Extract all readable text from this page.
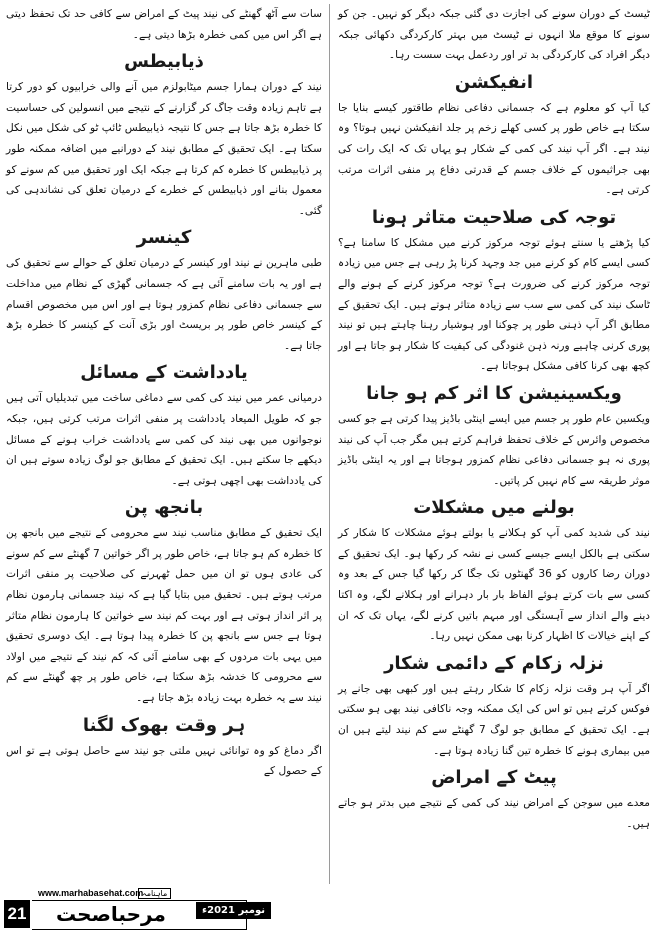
ٹیسٹ کے دوران سونے کی اجازت دی گئی جبکہ دیگر کو نہیں۔ جن کو سونے کا موقع ملا انہوں نے ٹیسٹ میں بہتر کارکردگی دکھائی جبکہ دیگر افراد کی کارکردگی بد تر اور ردعمل بہت سست رہا۔

انفیکشن

کیا آپ کو معلوم ہے کہ جسمانی دفاعی نظام طاقتور کیسے بنایا جا سکتا ہے خاص طور پر کسی کھلے زخم پر جلد انفیکشن نہیں ہوتا؟ وہ نیند ہے۔ اگر آپ نیند کی کمی کے شکار ہو یہاں تک کہ ایک رات کی بھی جراثیموں کے خلاف جسم کے قدرتی دفاع پر منفی اثرات مرتب کرتی ہے۔

توجہ کی صلاحیت متاثر ہونا

کیا پڑھتے یا سنتے ہوئے توجہ مرکوز کرنے میں مشکل کا سامنا ہے؟ کسی ایسے کام کو کرنے میں جد وجہد کرنا پڑ رہی ہے جس میں زیادہ توجہ مرکوز کرنے کی ضرورت ہے؟ توجہ مرکوز کرنے کے ہونے والے ٹاسک نیند کی کمی سے سب سے زیادہ متاثر ہوتے ہیں۔ ایک تحقیق کے مطابق اگر آپ ذہنی طور پر چوکنا اور ہوشیار رہنا چاہتے ہیں تو نیند پوری کرنی چاہیے ورنہ ذہن غنودگی کی کیفیت کا شکار ہو جاتا ہے اور کچھ بھی کرنا کافی مشکل ہوجاتا ہے۔

ویکسینیشن کا اثر کم ہو جانا

ویکسین عام طور پر جسم میں ایسے اینٹی باڈیز پیدا کرتی ہے جو کسی مخصوص وائرس کے خلاف تحفظ فراہم کرتے ہیں مگر جب آپ کی نیند پوری نہ ہو جسمانی دفاعی نظام کمزور ہوجاتا ہے اور یہ اینٹی باڈیز موثر طریقہ سے کام نہیں کر پاتیں۔

بولنے میں مشکلات

نیند کی شدید کمی آپ کو ہکلانے یا بولتے ہوئے مشکلات کا شکار کر سکتی ہے بالکل ایسے جیسے کسی نے نشہ کر رکھا ہو۔ ایک تحقیق کے دوران رضا کاروں کو 36 گھنٹوں تک جگا کر رکھا گیا جس کے بعد وہ کسی سے بات کرتے ہوئے الفاظ بار بار دہرانے اور ہکلانے لگے، وہ اکتا دینے والے انداز سے آہستگی اور مبہم باتیں کرنے لگے، یہاں تک کہ ان کے اپنے خیالات کا اظہار کرنا بھی ممکن نہیں رہا۔

نزلہ زکام کے دائمی شکار

اگر آپ ہر وقت نزلہ زکام کا شکار رہتے ہیں اور کبھی بھی جانے پر فوکس کرتے ہیں تو اس کی ایک ممکنہ وجہ ناکافی نیند بھی ہو سکتی ہے۔ ایک تحقیق کے مطابق جو لوگ 7 گھنٹے سے کم نیند لیتے ہیں ان میں بیماری ہونے کا خطرہ تین گنا زیادہ ہوتا ہے۔

پیٹ کے امراض

معدے میں سوجن کے امراض نیند کی کمی کے نتیجے میں بدتر ہو جاتے ہیں۔

سات سے آٹھ گھنٹے کی نیند پیٹ کے امراض سے کافی حد تک تحفظ دیتی ہے اگر اس میں کمی خطرہ بڑھا دیتی ہے۔

ذیابیطس

نیند کے دوران ہمارا جسم میٹابولزم میں آنے والی خرابیوں کو دور کرتا ہے تاہم زیادہ وقت جاگ کر گزارنے کے نتیجے میں انسولین کی حساسیت کا خطرہ بڑھ جاتا ہے جس کا نتیجہ ذیابیطس ٹائپ ٹو کی شکل میں نکل سکتا ہے۔ ایک تحقیق کے مطابق نیند کے دورانیے میں اضافہ ممکنہ طور پر ذیابیطس کا خطرہ کم کرتا ہے جبکہ ایک اور تحقیق میں کم سونے کو معمول بنانے اور ذیابیطس کے خطرے کے درمیان تعلق کی نشاندہی کی گئی۔

کینسر

طبی ماہرین نے نیند اور کینسر کے درمیان تعلق کے حوالے سے تحقیق کی ہے اور یہ بات سامنے آئی ہے کہ جسمانی گھڑی کے نظام میں مداخلت سے جسمانی دفاعی نظام کمزور ہوتا ہے اور اس میں مخصوص اقسام کے کینسر خاص طور پر بریسٹ اور بڑی آنت کے کینسر کا خطرہ بڑھ جاتا ہے۔

یادداشت کے مسائل

درمیانی عمر میں نیند کی کمی سے دماغی ساخت میں تبدیلیاں آتی ہیں جو کہ طویل المیعاد یادداشت پر منفی اثرات مرتب کرتی ہیں، جبکہ نوجوانوں میں بھی نیند کی کمی سے یادداشت خراب ہونے کے مسائل دیکھے جا سکتے ہیں۔ ایک تحقیق کے مطابق جو لوگ زیادہ سوتے ہیں ان کی یادداشت بھی اچھی ہوتی ہے۔

بانجھ پن

ایک تحقیق کے مطابق مناسب نیند سے محرومی کے نتیجے میں بانجھ پن کا خطرہ کم ہو جاتا ہے، خاص طور پر اگر خواتین 7 گھنٹے سے کم سونے کی عادی ہوں تو ان میں حمل ٹھہرنے کی صلاحیت پر منفی اثرات مرتب ہوتے ہیں۔ تحقیق میں بتایا گیا ہے کہ نیند جسمانی ہارمون نظام پر اثر انداز ہوتی ہے اور بہت کم نیند سے خواتین کا ہارمون نظام متاثر ہوتا ہے جس سے بانجھ پن کا خطرہ پیدا ہوتا ہے۔ ایک دوسری تحقیق میں یہی بات مردوں کے بھی سامنے آئی کہ کم نیند کے نتیجے میں اولاد سے محرومی کا خدشہ بڑھ سکتا ہے، خاص طور پر چھ گھنٹے سے کم نیند سے یہ خطرہ بہت زیادہ بڑھ جاتا ہے۔

ہر وقت بھوک لگنا

اگر دماغ کو وہ توانائی نہیں ملتی جو نیند سے حاصل ہوتی ہے تو اس کے حصول کے

21
www.marhabasehat.com
ماہنامہ
مرحباصحت	نومبر 2021ء
